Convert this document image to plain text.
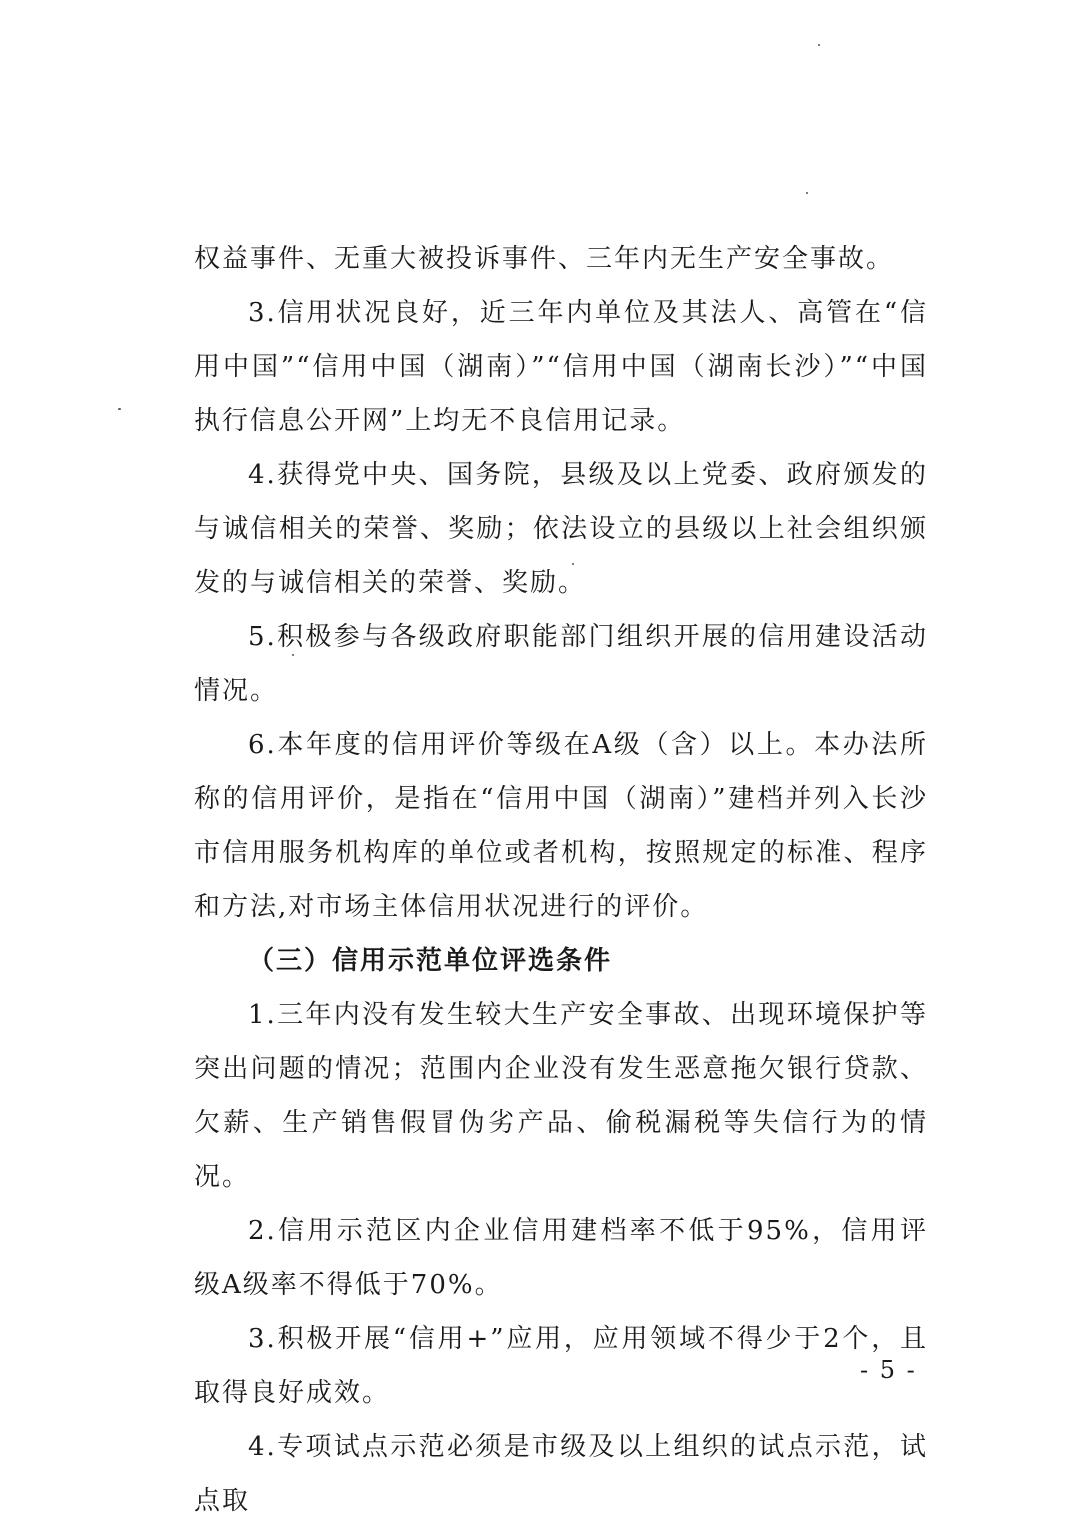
权益事件、无重大被投诉事件、三年内无生产安全事故。

3.信用状况良好，近三年内单位及其法人、高管在“信用中国”“信用中国（湖南）”“信用中国（湖南长沙）”“中国执行信息公开网”上均无不良信用记录。

4.获得党中央、国务院，县级及以上党委、政府颁发的与诚信相关的荣誉、奖励；依法设立的县级以上社会组织颁发的与诚信相关的荣誉、奖励。

5.积极参与各级政府职能部门组织开展的信用建设活动情况。

6.本年度的信用评价等级在A级（含）以上。本办法所称的信用评价，是指在“信用中国（湖南）”建档并列入长沙市信用服务机构库的单位或者机构，按照规定的标准、程序和方法,对市场主体信用状况进行的评价。

（三）信用示范单位评选条件

1.三年内没有发生较大生产安全事故、出现环境保护等突出问题的情况；范围内企业没有发生恶意拖欠银行贷款、欠薪、生产销售假冒伪劣产品、偷税漏税等失信行为的情况。

2.信用示范区内企业信用建档率不低于95%，信用评级A级率不得低于70%。

3.积极开展“信用+”应用，应用领域不得少于2个，且取得良好成效。

4.专项试点示范必须是市级及以上组织的试点示范，试点取

- 5 -
